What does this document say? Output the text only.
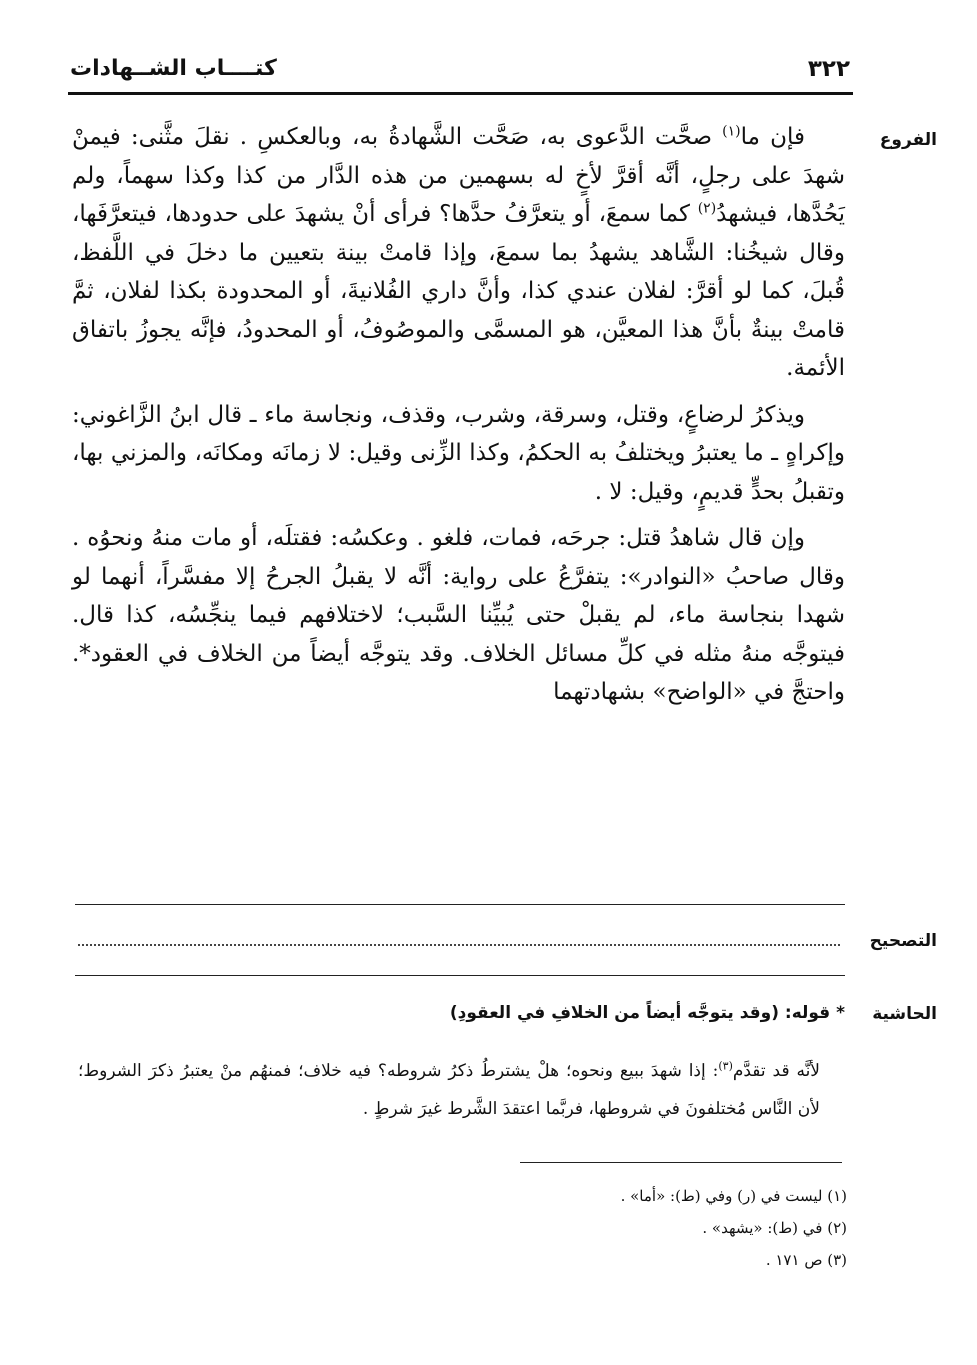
كتــــاب الشــهادات	٣٢٢
الفروع

فإن ما$^{(١)}$ صحَّت الدَّعوى به، صَحَّت الشَّهادةُ به، وبالعكسِ . نقلَ مثَّنى: فيمنْ شهدَ على رجلٍ، أنَّه أقرَّ لأخٍ له بسهمين من هذه الدَّار من كذا وكذا سهماً، ولم يَحُدَّها، فيشهدُ$^{(٢)}$ كما سمعَ، أو يتعرَّفُ حدَّها؟ فرأى أنْ يشهدَ على حدودها، فيتعرَّفَها، وقال شيخُنا: الشَّاهد يشهدُ بما سمعَ، وإذا قامتْ بينة بتعيين ما دخلَ في اللَّفظ، قُبلَ، كما لو أقرَّ: لفلان عندي كذا، وأنَّ داري الفُلانيةَ، أو المحدودة بكذا لفلان، ثمَّ قامتْ بينةٌ بأنَّ هذا المعيَّن، هو المسمَّى والموصُوفُ، أو المحدودُ، فإنَّه يجوزُ باتفاق الأئمة.

ويذكرُ لرضاعٍ، وقتل، وسرقة، وشرب، وقذف، ونجاسة ماء ـ قال ابنُ الزَّاغوني: وإكراهٍ ـ ما يعتبرُ ويختلفُ به الحكمُ، وكذا الزِّنى وقيل: لا زمانَه ومكانَه، والمزني بها، وتقبلُ بحدٍّ قديمٍ، وقيل: لا .

وإن قال شاهدُ قتل: جرحَه، فمات، فلغو . وعكسُه: فقتلَه، أو مات منهُ ونحوُه . وقال صاحبُ «النوادر»: يتفرَّعُ على رواية: أنَّه لا يقبلُ الجرحُ إلا مفسَّراً، أنهما لو شهدا بنجاسة ماء، لم يقبلْ حتى يُبيِّنا السَّبب؛ لاختلافهم فيما ينجِّسُه، كذا قال. فيتوجَّه منهُ مثله في كلِّ مسائل الخلاف. وقد يتوجَّه أيضاً من الخلاف في العقود*. واحتجَّ في «الواضح» بشهادتهما

التصحيح
الحاشية
* قوله: (وقد يتوجَّه أيضاً من الخلافِ في العقودِ)

لأنَّه قد تقدَّم$^{(٣)}$: إذا شهدَ ببيع ونحوه؛ هلْ يشترطُ ذكرُ شروطه؟ فيه خلاف؛ فمنهُم منْ يعتبرُ ذكرَ الشروط؛ لأن النَّاس مُختلفونَ في شروطها، فربَّما اعتقدَ الشَّرط غيرَ شرطٍ .

(١) ليست في (ر) وفي (ط): «أما» .
(٢) في (ط): «يشهد» .
(٣) ص ١٧١ .
